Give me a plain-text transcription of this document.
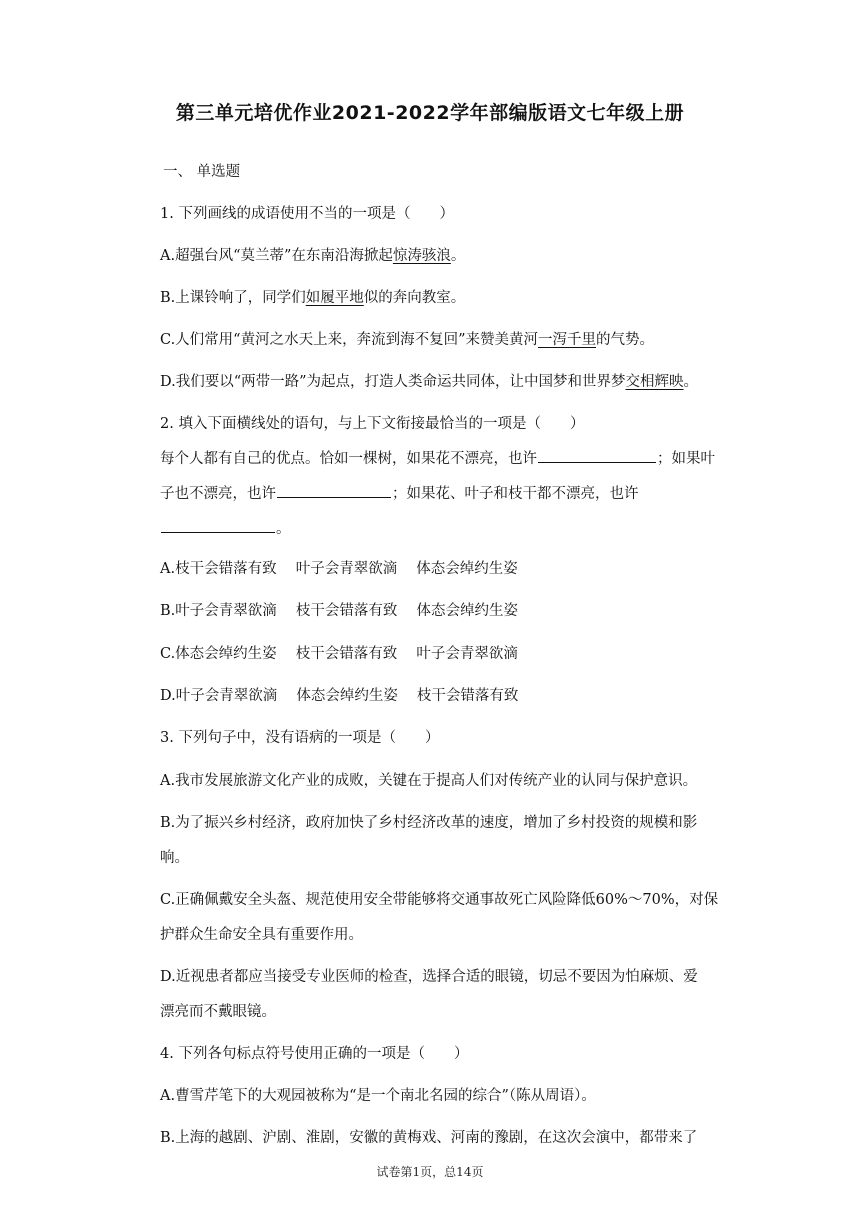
第三单元培优作业2021-2022学年部编版语文七年级上册
一、 单选题
1. 下列画线的成语使用不当的一项是（　　）
A.超强台风“莫兰蒂”在东南沿海掀起惊涛骇浪。
B.上课铃响了，同学们如履平地似的奔向教室。
C.人们常用“黄河之水天上来，奔流到海不复回”来赞美黄河一泻千里的气势。
D.我们要以“两带一路”为起点，打造人类命运共同体，让中国梦和世界梦交相辉映。
2. 填入下面横线处的语句，与上下文衔接最恰当的一项是（　　）
每个人都有自己的优点。恰如一棵树，如果花不漂亮，也许	；如果叶
子也不漂亮，也许	；如果花、叶子和枝干都不漂亮，也许
。
A.枝干会错落有致　 叶子会青翠欲滴　 体态会绰约生姿
B.叶子会青翠欲滴　 枝干会错落有致　 体态会绰约生姿
C.体态会绰约生姿　 枝干会错落有致　 叶子会青翠欲滴
D.叶子会青翠欲滴　 体态会绰约生姿　 枝干会错落有致
3. 下列句子中，没有语病的一项是（　　）
A.我市发展旅游文化产业的成败，关键在于提高人们对传统产业的认同与保护意识。
B.为了振兴乡村经济，政府加快了乡村经济改革的速度，增加了乡村投资的规模和影
响。
C.正确佩戴安全头盔、规范使用安全带能够将交通事故死亡风险降低60%～70%，对保
护群众生命安全具有重要作用。
D.近视患者都应当接受专业医师的检查，选择合适的眼镜，切忌不要因为怕麻烦、爱
漂亮而不戴眼镜。
4. 下列各句标点符号使用正确的一项是（　　）
A.曹雪芹笔下的大观园被称为“是一个南北名园的综合”（陈从周语）。
B.上海的越剧、沪剧、淮剧，安徽的黄梅戏、河南的豫剧，在这次会演中，都带来了
试卷第1页，总14页
